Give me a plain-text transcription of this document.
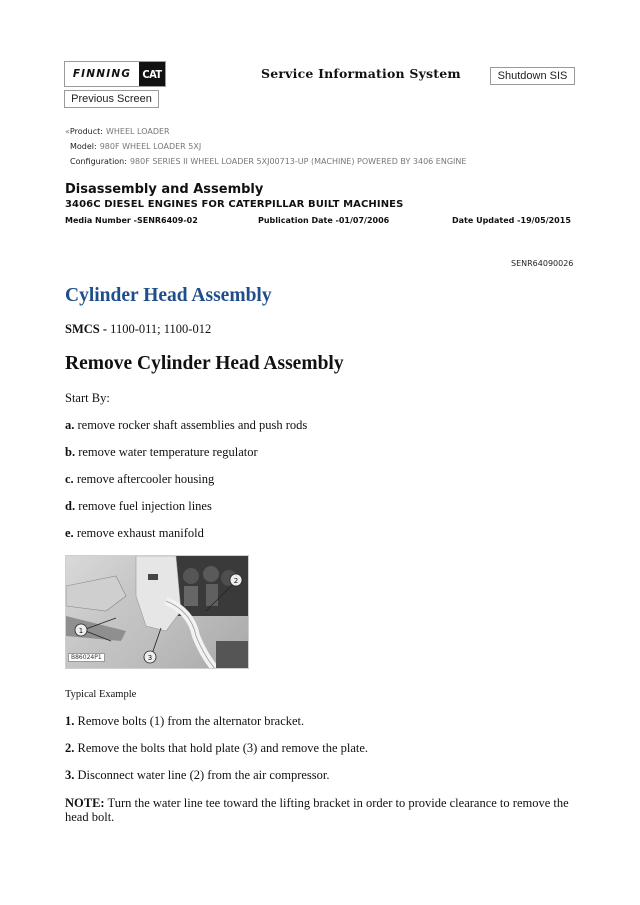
FINNING	CAT	Service Information System	Shutdown SIS
Previous Screen
«Product: WHEEL LOADER
Model: 980F WHEEL LOADER 5XJ
Configuration: 980F SERIES II WHEEL LOADER 5XJ00713-UP (MACHINE) POWERED BY 3406 ENGINE
Disassembly and Assembly
3406C DIESEL ENGINES FOR CATERPILLAR BUILT MACHINES
Media Number -SENR6409-02	Publication Date -01/07/2006	Date Updated -19/05/2015
SENR64090026
Cylinder Head Assembly
SMCS - 1100-011; 1100-012
Remove Cylinder Head Assembly
Start By:
a. remove rocker shaft assemblies and push rods
b. remove water temperature regulator
c. remove aftercooler housing
d. remove fuel injection lines
e. remove exhaust manifold
1
2
3
B86024P1
Typical Example
1. Remove bolts (1) from the alternator bracket.
2. Remove the bolts that hold plate (3) and remove the plate.
3. Disconnect water line (2) from the air compressor.
NOTE: Turn the water line tee toward the lifting bracket in order to provide clearance to remove the head bolt.
